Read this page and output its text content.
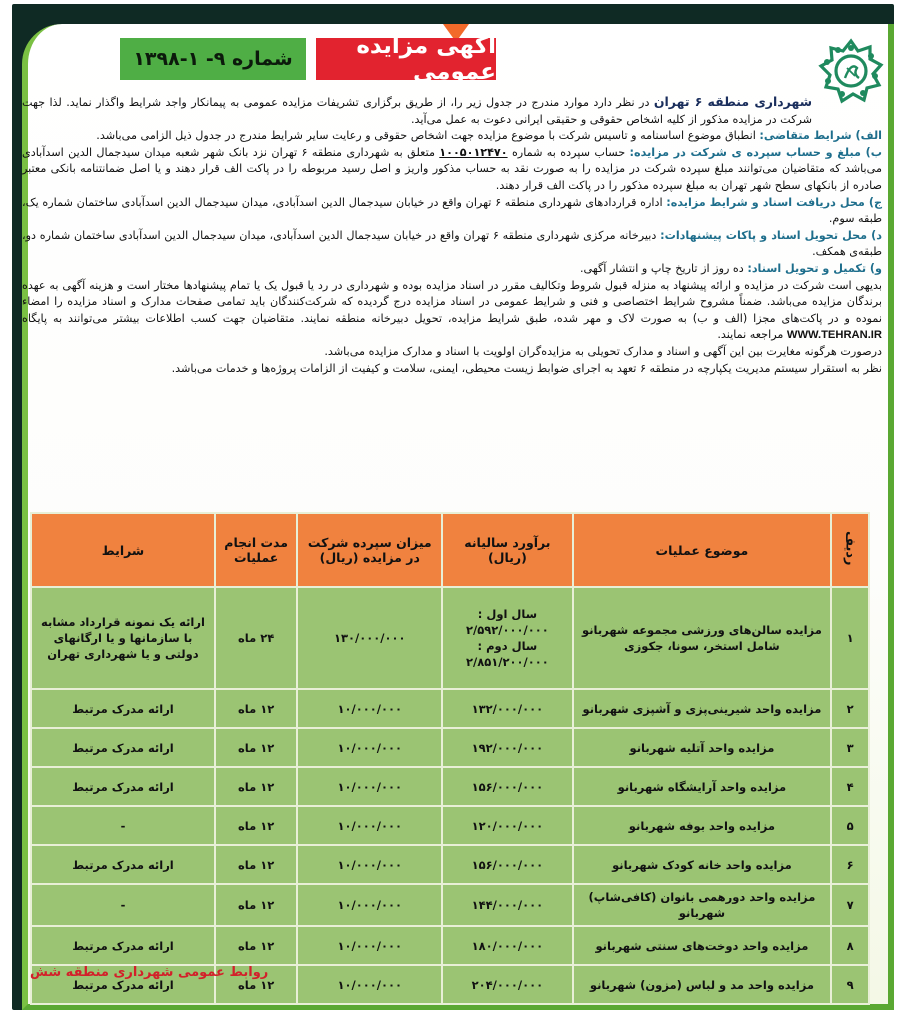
آگهی مزایده عمومی
شماره ۹- ۱-۱۳۹۸

شهرداری منطقه ۶ تهران در نظر دارد موارد مندرج در جدول زیر را، از طریق برگزاری تشریفات مزایده عمومی به پیمانکار واجد شرایط واگذار نماید. لذا جهت شرکت در مزایده مذکور از کلیه اشخاص حقوقی و حقیقی ایرانی دعوت به عمل می‌آید.

الف) شرایط متقاضی: انطباق موضوع اساسنامه و تاسیس شرکت با موضوع مزایده جهت اشخاص حقوقی و رعایت سایر شرایط مندرج در جدول ذیل الزامی می‌باشد.

ب) مبلغ و حساب سپرده ی شرکت در مزایده: حساب سپرده به شماره ۱۰۰۵۰۱۲۴۷۰ متعلق به شهرداری منطقه ۶ تهران نزد بانک شهر شعبه میدان سیدجمال الدین اسدآبادی می‌باشد که متقاضیان می‌توانند مبلغ سپرده شرکت در مزایده را به صورت نقد به حساب مذکور واریز و اصل رسید مربوطه را در پاکت الف قرار دهند و یا اصل ضمانتنامه بانکی معتبر صادره از بانکهای سطح شهر تهران به مبلغ سپرده مذکور را در پاکت الف قرار دهند.

ج) محل دریافت اسناد و شرایط مزایده: اداره قراردادهای شهرداری منطقه ۶ تهران واقع در خیابان سیدجمال الدین اسدآبادی، میدان سیدجمال الدین اسدآبادی ساختمان شماره یک، طبقه سوم.

د) محل تحویل اسناد و پاکات پیشنهادات: دبیرخانه مرکزی شهرداری منطقه ۶ تهران واقع در خیابان سیدجمال الدین اسدآبادی، میدان سیدجمال الدین اسدآبادی ساختمان شماره دو، طبقه‌ی همکف.

و) تکمیل و تحویل اسناد: ده روز از تاریخ چاپ و انتشار آگهی.

بدیهی است شرکت در مزایده و ارائه پیشنهاد به منزله قبول شروط وتکالیف مقرر در اسناد مزایده بوده و شهرداری در رد یا قبول یک یا تمام پیشنهادها مختار است و هزینه آگهی به عهده برندگان مزایده می‌باشد. ضمناً مشروح شرایط اختصاصی و فنی و شرایط عمومی در اسناد مزایده درج گردیده که شرکت‌کنندگان باید تمامی صفحات مدارک و اسناد مزایده را امضاء نموده و در پاکت‌های مجزا (الف و ب) به صورت لاک و مهر شده، طبق شرایط مزایده، تحویل دبیرخانه منطقه نمایند. متقاضیان جهت کسب اطلاعات بیشتر می‌توانند به پایگاه WWW.TEHRAN.IR مراجعه نمایند.

درصورت هرگونه مغایرت بین این آگهی و اسناد و مدارک تحویلی به مزایده‌گران اولویت با اسناد و مدارک مزایده می‌باشد.

نظر به استقرار سیستم مدیریت یکپارچه در منطقه ۶ تعهد به اجرای ضوابط زیست محیطی، ایمنی، سلامت و کیفیت از الزامات پروژه‌ها و خدمات می‌باشد.

ردیف	موضوع عملیات	برآورد سالیانه (ریال)	میزان سپرده شرکت در مزایده (ریال)	مدت انجام عملیات	شرایط
۱	مزایده سالن‌های ورزشی مجموعه شهربانو شامل استخر، سونا، جکوزی	سال اول :
۲/۵۹۲/۰۰۰/۰۰۰
سال دوم :
۲/۸۵۱/۲۰۰/۰۰۰	۱۳۰/۰۰۰/۰۰۰	۲۴ ماه	ارائه یک نمونه قرارداد مشابه با سازمانها و یا ارگانهای دولتی و یا شهرداری تهران
۲	مزایده واحد شیرینی‌پزی و آشپزی شهربانو	۱۳۲/۰۰۰/۰۰۰	۱۰/۰۰۰/۰۰۰	۱۲ ماه	ارائه مدرک مرتبط
۳	مزایده واحد آتلیه شهربانو	۱۹۲/۰۰۰/۰۰۰	۱۰/۰۰۰/۰۰۰	۱۲ ماه	ارائه مدرک مرتبط
۴	مزایده واحد آرایشگاه شهربانو	۱۵۶/۰۰۰/۰۰۰	۱۰/۰۰۰/۰۰۰	۱۲ ماه	ارائه مدرک مرتبط
۵	مزایده واحد بوفه شهربانو	۱۲۰/۰۰۰/۰۰۰	۱۰/۰۰۰/۰۰۰	۱۲ ماه	-
۶	مزایده واحد خانه کودک شهربانو	۱۵۶/۰۰۰/۰۰۰	۱۰/۰۰۰/۰۰۰	۱۲ ماه	ارائه مدرک مرتبط
۷	مزایده واحد دورهمی بانوان (کافی‌شاپ) شهربانو	۱۴۴/۰۰۰/۰۰۰	۱۰/۰۰۰/۰۰۰	۱۲ ماه	-
۸	مزایده واحد دوخت‌های سنتی شهربانو	۱۸۰/۰۰۰/۰۰۰	۱۰/۰۰۰/۰۰۰	۱۲ ماه	ارائه مدرک مرتبط
۹	مزایده واحد مد و لباس (مزون) شهربانو	۲۰۴/۰۰۰/۰۰۰	۱۰/۰۰۰/۰۰۰	۱۲ ماه	ارائه مدرک مرتبط
روابط عمومی شهرداری منطقه شش
